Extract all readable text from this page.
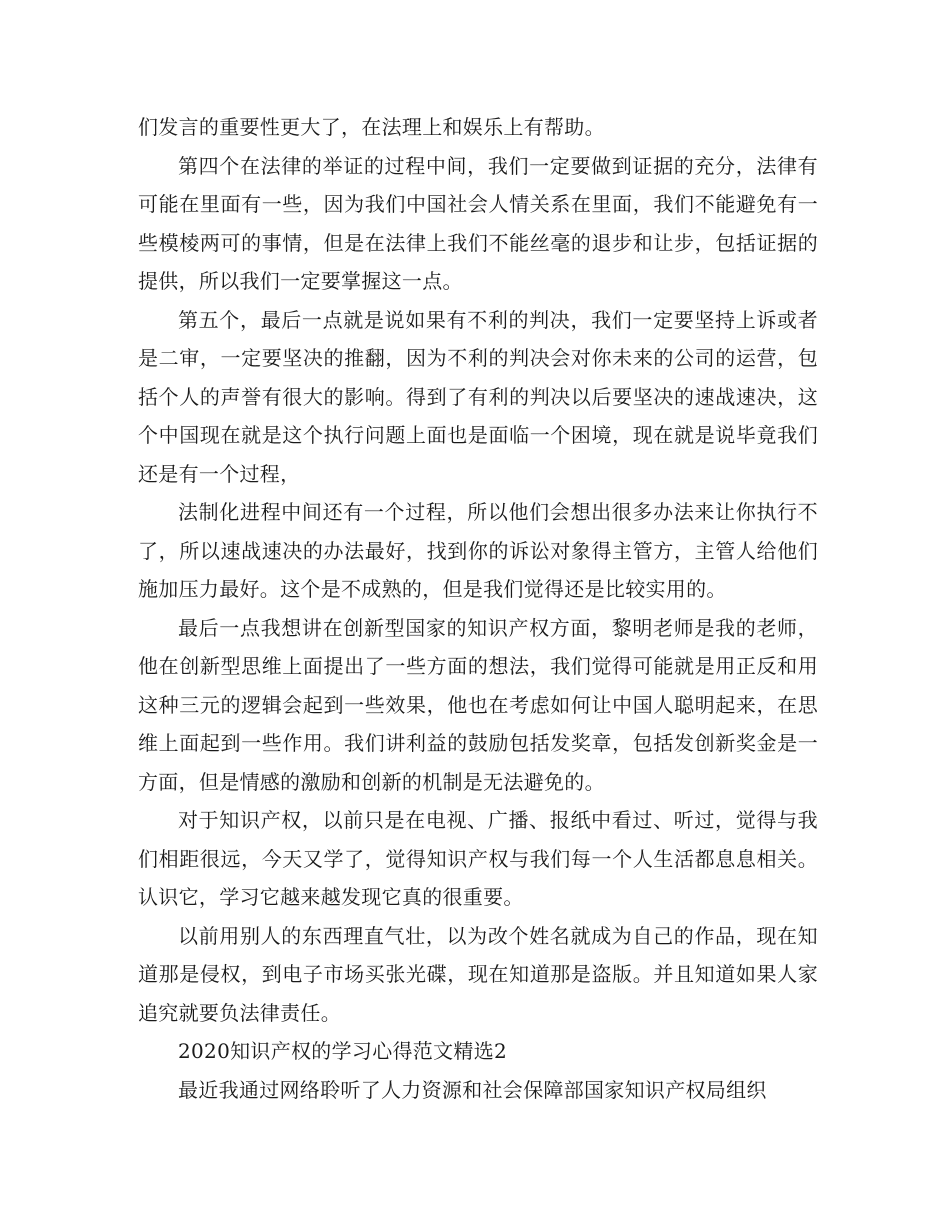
们发言的重要性更大了，在法理上和娱乐上有帮助。

第四个在法律的举证的过程中间，我们一定要做到证据的充分，法律有可能在里面有一些，因为我们中国社会人情关系在里面，我们不能避免有一些模棱两可的事情，但是在法律上我们不能丝毫的退步和让步，包括证据的提供，所以我们一定要掌握这一点。

第五个，最后一点就是说如果有不利的判决，我们一定要坚持上诉或者是二审，一定要坚决的推翻，因为不利的判决会对你未来的公司的运营，包括个人的声誉有很大的影响。得到了有利的判决以后要坚决的速战速决，这个中国现在就是这个执行问题上面也是面临一个困境，现在就是说毕竟我们还是有一个过程，

法制化进程中间还有一个过程，所以他们会想出很多办法来让你执行不了，所以速战速决的办法最好，找到你的诉讼对象得主管方，主管人给他们施加压力最好。这个是不成熟的，但是我们觉得还是比较实用的。

最后一点我想讲在创新型国家的知识产权方面，黎明老师是我的老师，他在创新型思维上面提出了一些方面的想法，我们觉得可能就是用正反和用这种三元的逻辑会起到一些效果，他也在考虑如何让中国人聪明起来，在思维上面起到一些作用。我们讲利益的鼓励包括发奖章，包括发创新奖金是一方面，但是情感的激励和创新的机制是无法避免的。

对于知识产权，以前只是在电视、广播、报纸中看过、听过，觉得与我们相距很远，今天又学了，觉得知识产权与我们每一个人生活都息息相关。认识它，学习它越来越发现它真的很重要。

以前用别人的东西理直气壮，以为改个姓名就成为自己的作品，现在知道那是侵权，到电子市场买张光碟，现在知道那是盗版。并且知道如果人家追究就要负法律责任。

2020知识产权的学习心得范文精选2

最近我通过网络聆听了人力资源和社会保障部国家知识产权局组织
